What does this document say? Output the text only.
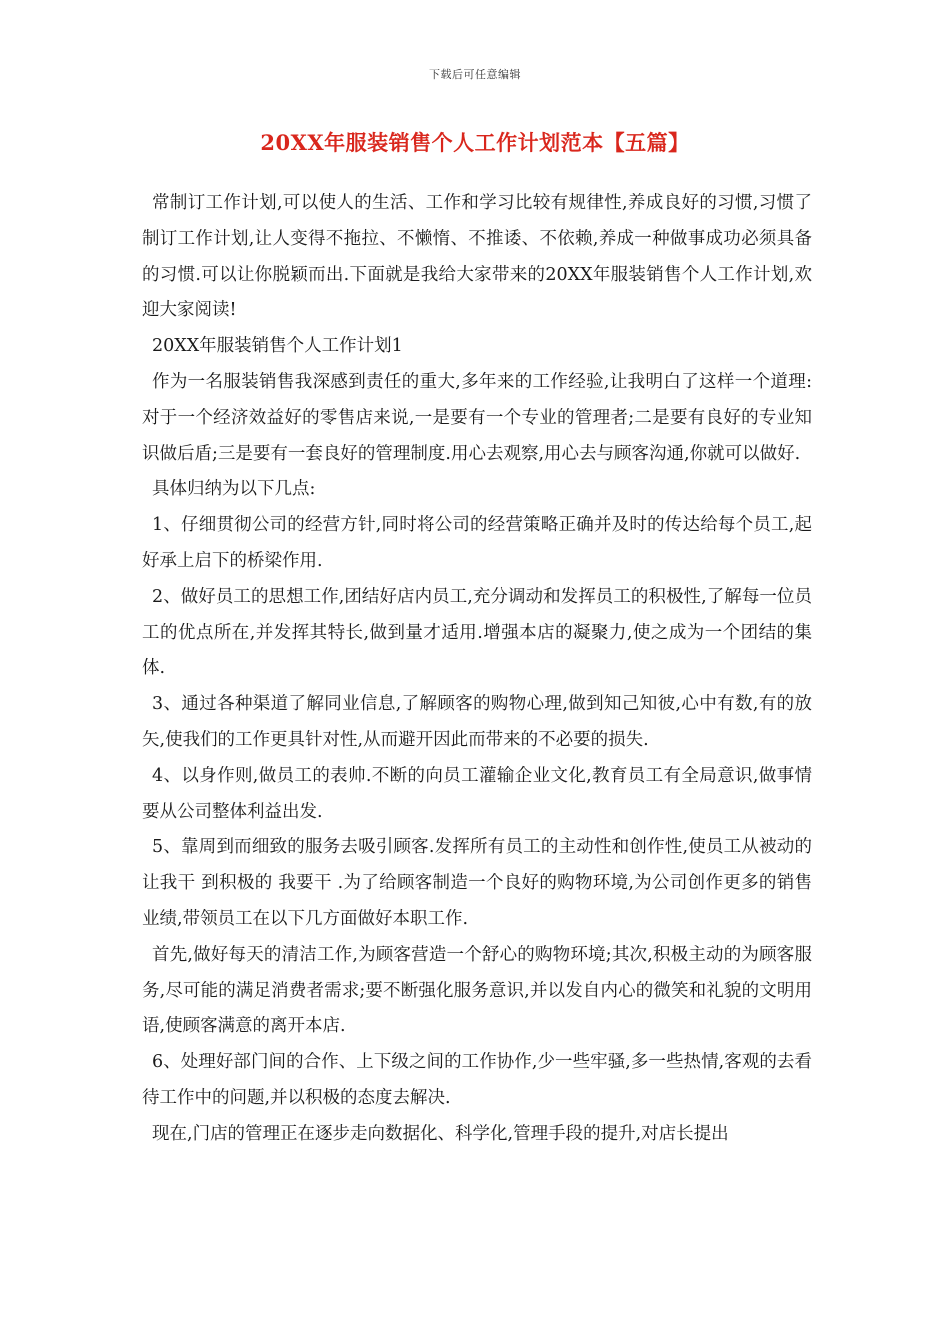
下载后可任意编辑
20XX年服装销售个人工作计划范本【五篇】

常制订工作计划,可以使人的生活、工作和学习比较有规律性,养成良好的习惯,习惯了制订工作计划,让人变得不拖拉、不懒惰、不推诿、不依赖,养成一种做事成功必须具备的习惯.可以让你脱颖而出.下面就是我给大家带来的20XX年服装销售个人工作计划,欢迎大家阅读!

20XX年服装销售个人工作计划1

作为一名服装销售我深感到责任的重大,多年来的工作经验,让我明白了这样一个道理:对于一个经济效益好的零售店来说,一是要有一个专业的管理者;二是要有良好的专业知识做后盾;三是要有一套良好的管理制度.用心去观察,用心去与顾客沟通,你就可以做好.

具体归纳为以下几点:

1、仔细贯彻公司的经营方针,同时将公司的经营策略正确并及时的传达给每个员工,起好承上启下的桥梁作用.

2、做好员工的思想工作,团结好店内员工,充分调动和发挥员工的积极性,了解每一位员工的优点所在,并发挥其特长,做到量才适用.增强本店的凝聚力,使之成为一个团结的集体.

3、通过各种渠道了解同业信息,了解顾客的购物心理,做到知己知彼,心中有数,有的放矢,使我们的工作更具针对性,从而避开因此而带来的不必要的损失.

4、以身作则,做员工的表帅.不断的向员工灌输企业文化,教育员工有全局意识,做事情要从公司整体利益出发.

5、靠周到而细致的服务去吸引顾客.发挥所有员工的主动性和创作性,使员工从被动的 让我干 到积极的 我要干 .为了给顾客制造一个良好的购物环境,为公司创作更多的销售业绩,带领员工在以下几方面做好本职工作.

首先,做好每天的清洁工作,为顾客营造一个舒心的购物环境;其次,积极主动的为顾客服务,尽可能的满足消费者需求;要不断强化服务意识,并以发自内心的微笑和礼貌的文明用语,使顾客满意的离开本店.

6、处理好部门间的合作、上下级之间的工作协作,少一些牢骚,多一些热情,客观的去看待工作中的问题,并以积极的态度去解决.

现在,门店的管理正在逐步走向数据化、科学化,管理手段的提升,对店长提出
